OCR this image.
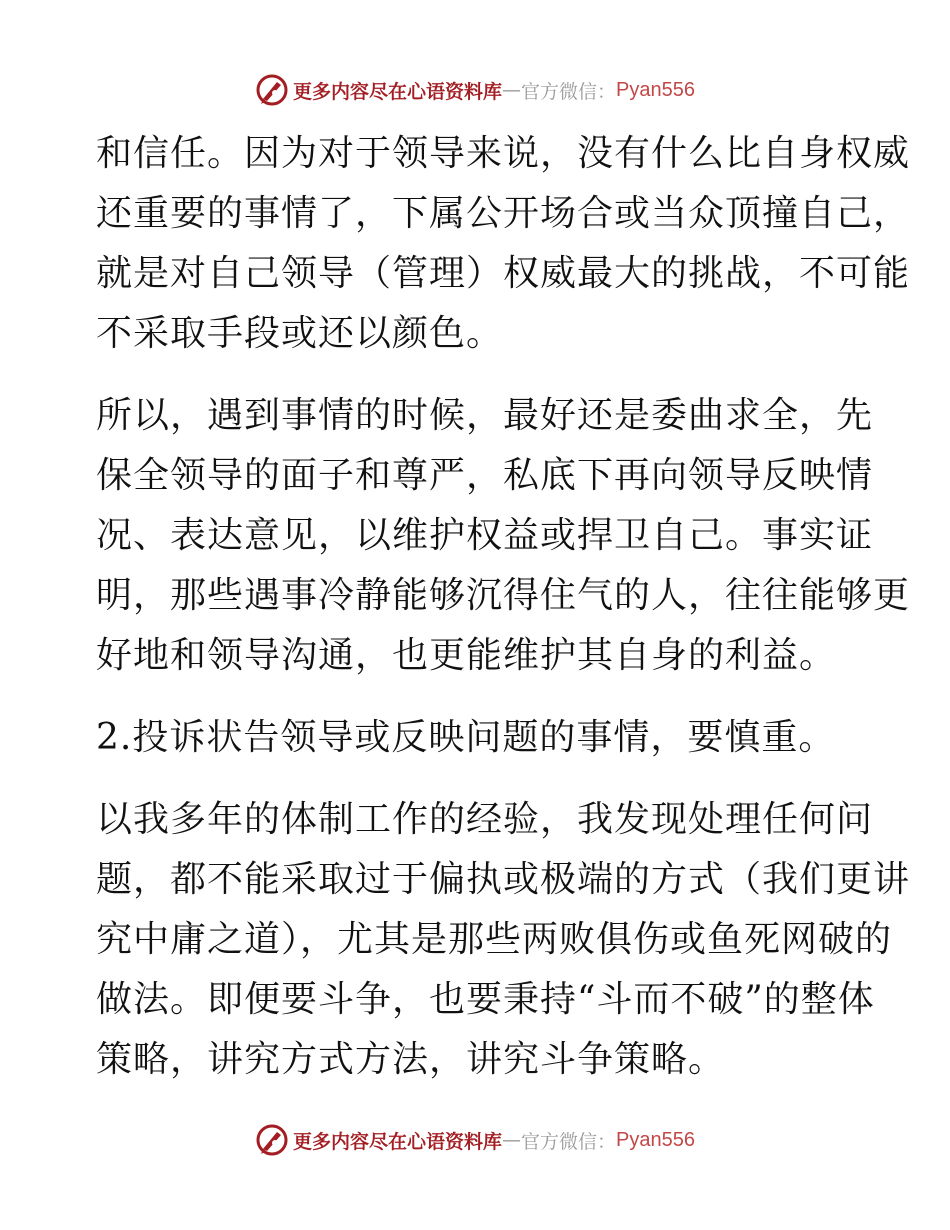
更多内容尽在心语资料库 — 官方微信： Pyan556
和信任。因为对于领导来说，没有什么比自身权威
还重要的事情了，下属公开场合或当众顶撞自己，
就是对自己领导（管理）权威最大的挑战，不可能
不采取手段或还以颜色。
所以，遇到事情的时候，最好还是委曲求全，先
保全领导的面子和尊严，私底下再向领导反映情
况、表达意见，以维护权益或捍卫自己。事实证
明，那些遇事冷静能够沉得住气的人，往往能够更
好地和领导沟通，也更能维护其自身的利益。
2.投诉状告领导或反映问题的事情，要慎重。
以我多年的体制工作的经验，我发现处理任何问
题，都不能采取过于偏执或极端的方式（我们更讲
究中庸之道），尤其是那些两败俱伤或鱼死网破的
做法。即便要斗争，也要秉持“斗而不破”的整体
策略，讲究方式方法，讲究斗争策略。
更多内容尽在心语资料库 — 官方微信： Pyan556
